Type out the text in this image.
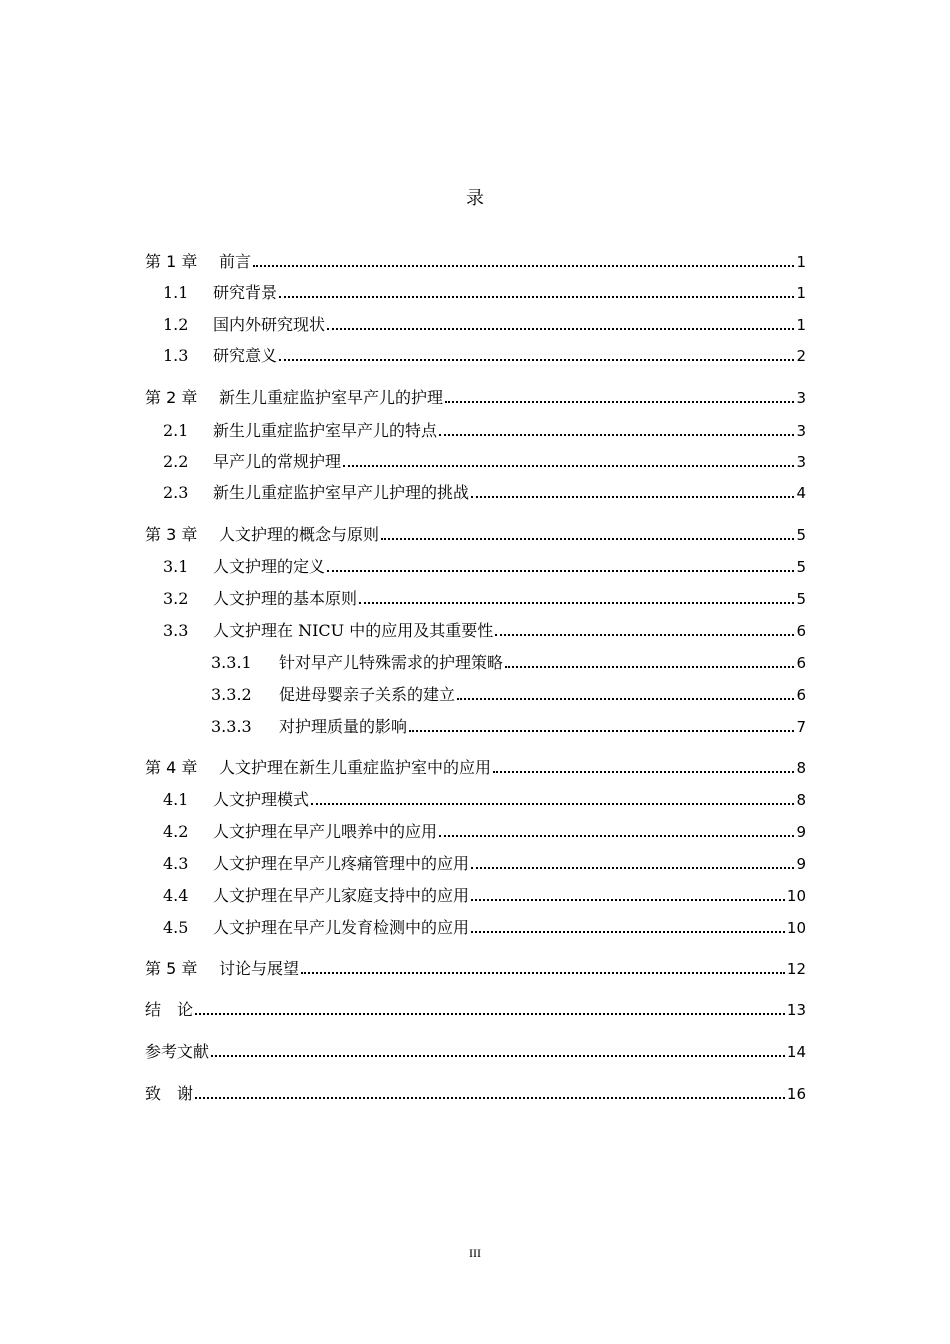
录
第 1 章	前言	1
1.1	研究背景	1
1.2	国内外研究现状	1
1.3	研究意义	2
第 2 章	新生儿重症监护室早产儿的护理	3
2.1	新生儿重症监护室早产儿的特点	3
2.2	早产儿的常规护理	3
2.3	新生儿重症监护室早产儿护理的挑战	4
第 3 章	人文护理的概念与原则	5
3.1	人文护理的定义	5
3.2	人文护理的基本原则	5
3.3	人文护理在 NICU 中的应用及其重要性	6
3.3.1	针对早产儿特殊需求的护理策略	6
3.3.2	促进母婴亲子关系的建立	6
3.3.3	对护理质量的影响	7
第 4 章	人文护理在新生儿重症监护室中的应用	8
4.1	人文护理模式	8
4.2	人文护理在早产儿喂养中的应用	9
4.3	人文护理在早产儿疼痛管理中的应用	9
4.4	人文护理在早产儿家庭支持中的应用	10
4.5	人文护理在早产儿发育检测中的应用	10
第 5 章	讨论与展望	12
结　论	13
参考文献	14
致　谢	16
III
